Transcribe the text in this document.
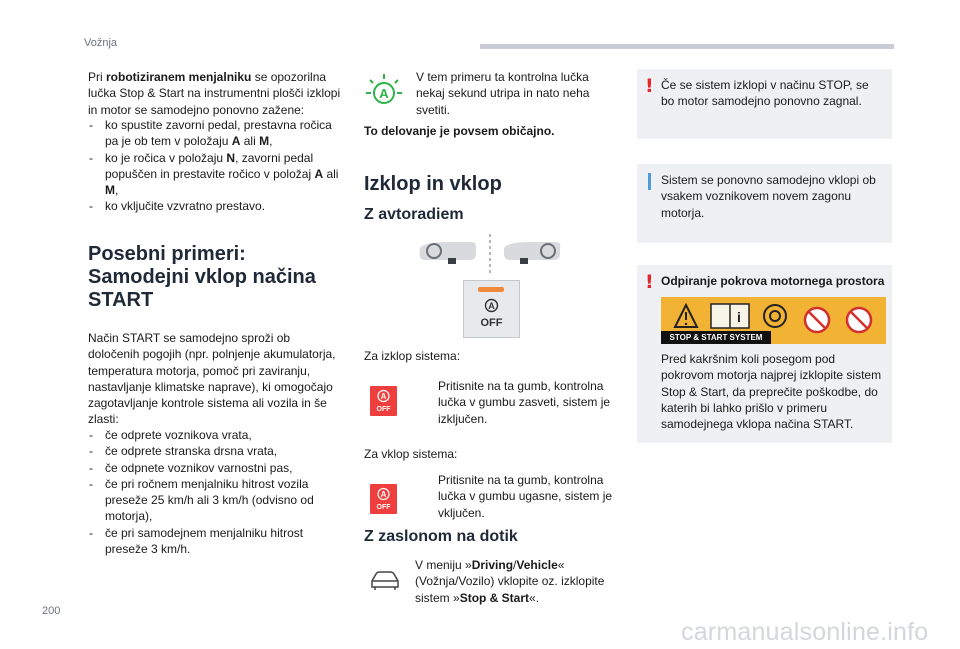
Vožnja
Pri robotiziranem menjalniku se opozorilna lučka Stop & Start na instrumentni plošči izklopi in motor se samodejno ponovno zažene:
- ko spustite zavorni pedal, prestavna ročica pa je ob tem v položaju A ali M,
- ko je ročica v položaju N, zavorni pedal popuščen in prestavite ročico v položaj A ali M,
- ko vključite vzvratno prestavo.
Posebni primeri: Samodejni vklop načina START
Način START se samodejno sproži ob določenih pogojih (npr. polnjenje akumulatorja, temperatura motorja, pomoč pri zaviranju, nastavljanje klimatske naprave), ki omogočajo zagotavljanje kontrole sistema ali vozila in še zlasti:
- če odprete voznikova vrata,
- če odprete stranska drsna vrata,
- če odpnete voznikov varnostni pas,
- če pri ročnem menjalniku hitrost vozila preseže 25 km/h ali 3 km/h (odvisno od motorja),
- če pri samodejnem menjalniku hitrost preseže 3 km/h.
A
V tem primeru ta kontrolna lučka nekaj sekund utripa in nato neha svetiti.
To delovanje je povsem običajno.
Izklop in vklop
Z avtoradiem
A
OFF
Za izklop sistema:
A
OFF
Pritisnite na ta gumb, kontrolna lučka v gumbu zasveti, sistem je izključen.
Za vklop sistema:
A
OFF
Pritisnite na ta gumb, kontrolna lučka v gumbu ugasne, sistem je vključen.
Z zaslonom na dotik
V meniju »Driving/Vehicle« (Vožnja/Vozilo) vklopite oz. izklopite sistem »Stop & Start«.
! Če se sistem izklopi v načinu STOP, se bo motor samodejno ponovno zagnal.
Sistem se ponovno samodejno vklopi ob vsakem voznikovem novem zagonu motorja.
! Odpiranje pokrova motornega prostora
i
STOP & START SYSTEM
Pred kakršnim koli posegom pod pokrovom motorja najprej izklopite sistem Stop & Start, da preprečite poškodbe, do katerih bi lahko prišlo v primeru samodejnega vklopa načina START.
200
carmanualsonline.info
